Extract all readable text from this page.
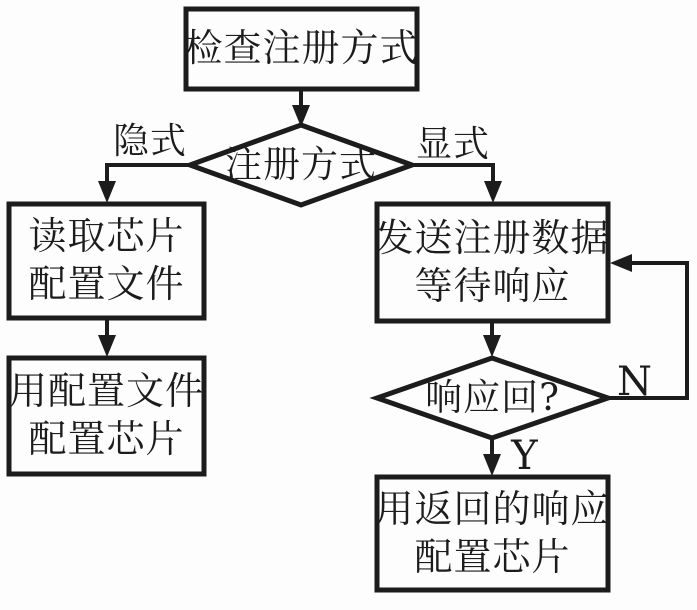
检查注册方式
注册方式
读取芯片
配置文件
用配置文件
配置芯片
发送注册数据
等待响应
响应回?
用返回的响应
配置芯片
隐式	显式
N
Y
